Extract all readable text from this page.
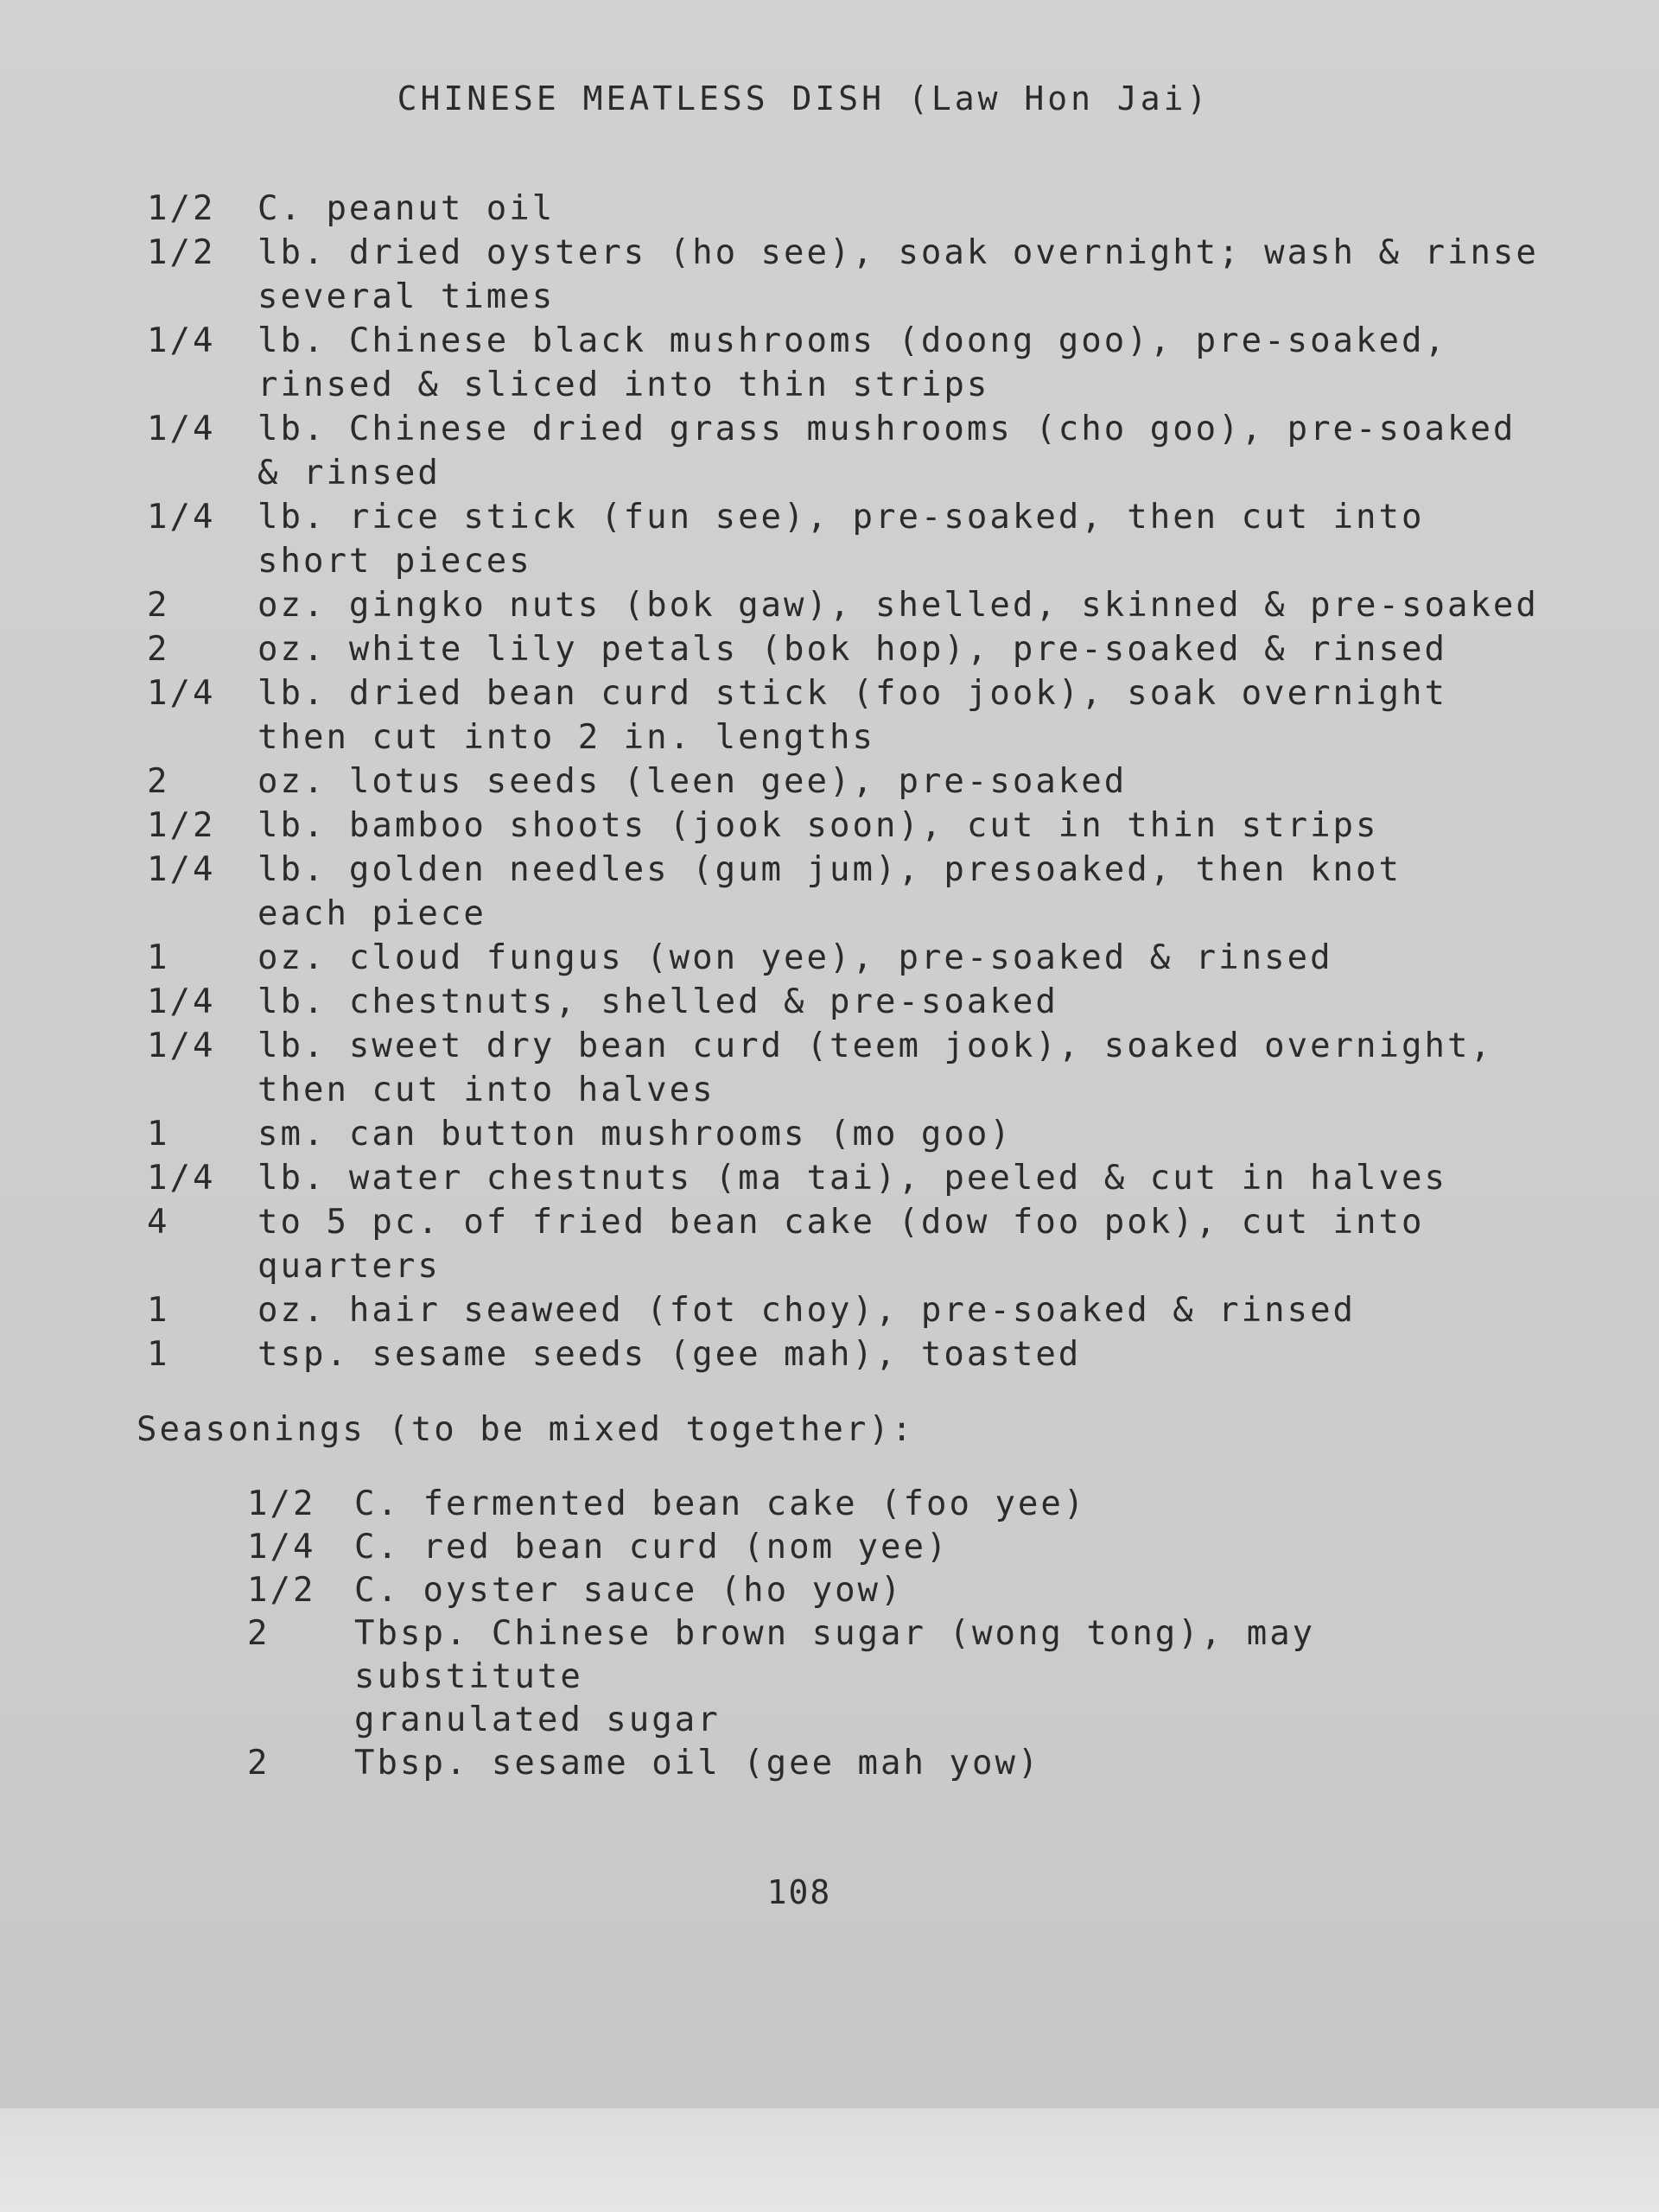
CHINESE MEATLESS DISH (Law Hon Jai)
1/2	C. peanut oil
1/2	lb. dried oysters (ho see), soak overnight; wash & rinse
several times
1/4	lb. Chinese black mushrooms (doong goo), pre-soaked,
rinsed & sliced into thin strips
1/4	lb. Chinese dried grass mushrooms (cho goo), pre-soaked
& rinsed
1/4	lb. rice stick (fun see), pre-soaked, then cut into
short pieces
2	oz. gingko nuts (bok gaw), shelled, skinned & pre-soaked
2	oz. white lily petals (bok hop), pre-soaked & rinsed
1/4	lb. dried bean curd stick (foo jook), soak overnight
then cut into 2 in. lengths
2	oz. lotus seeds (leen gee), pre-soaked
1/2	lb. bamboo shoots (jook soon), cut in thin strips
1/4	lb. golden needles (gum jum), presoaked, then knot
each piece
1	oz. cloud fungus (won yee), pre-soaked & rinsed
1/4	lb. chestnuts, shelled & pre-soaked
1/4	lb. sweet dry bean curd (teem jook), soaked overnight,
then cut into halves
1	sm. can button mushrooms (mo goo)
1/4	lb. water chestnuts (ma tai), peeled & cut in halves
4	to 5 pc. of fried bean cake (dow foo pok), cut into
quarters
1	oz. hair seaweed (fot choy), pre-soaked & rinsed
1	tsp. sesame seeds (gee mah), toasted
Seasonings (to be mixed together):
1/2	C. fermented bean cake (foo yee)
1/4	C. red bean curd (nom yee)
1/2	C. oyster sauce (ho yow)
2	Tbsp. Chinese brown sugar (wong tong), may substitute
granulated sugar
2	Tbsp. sesame oil (gee mah yow)
108
